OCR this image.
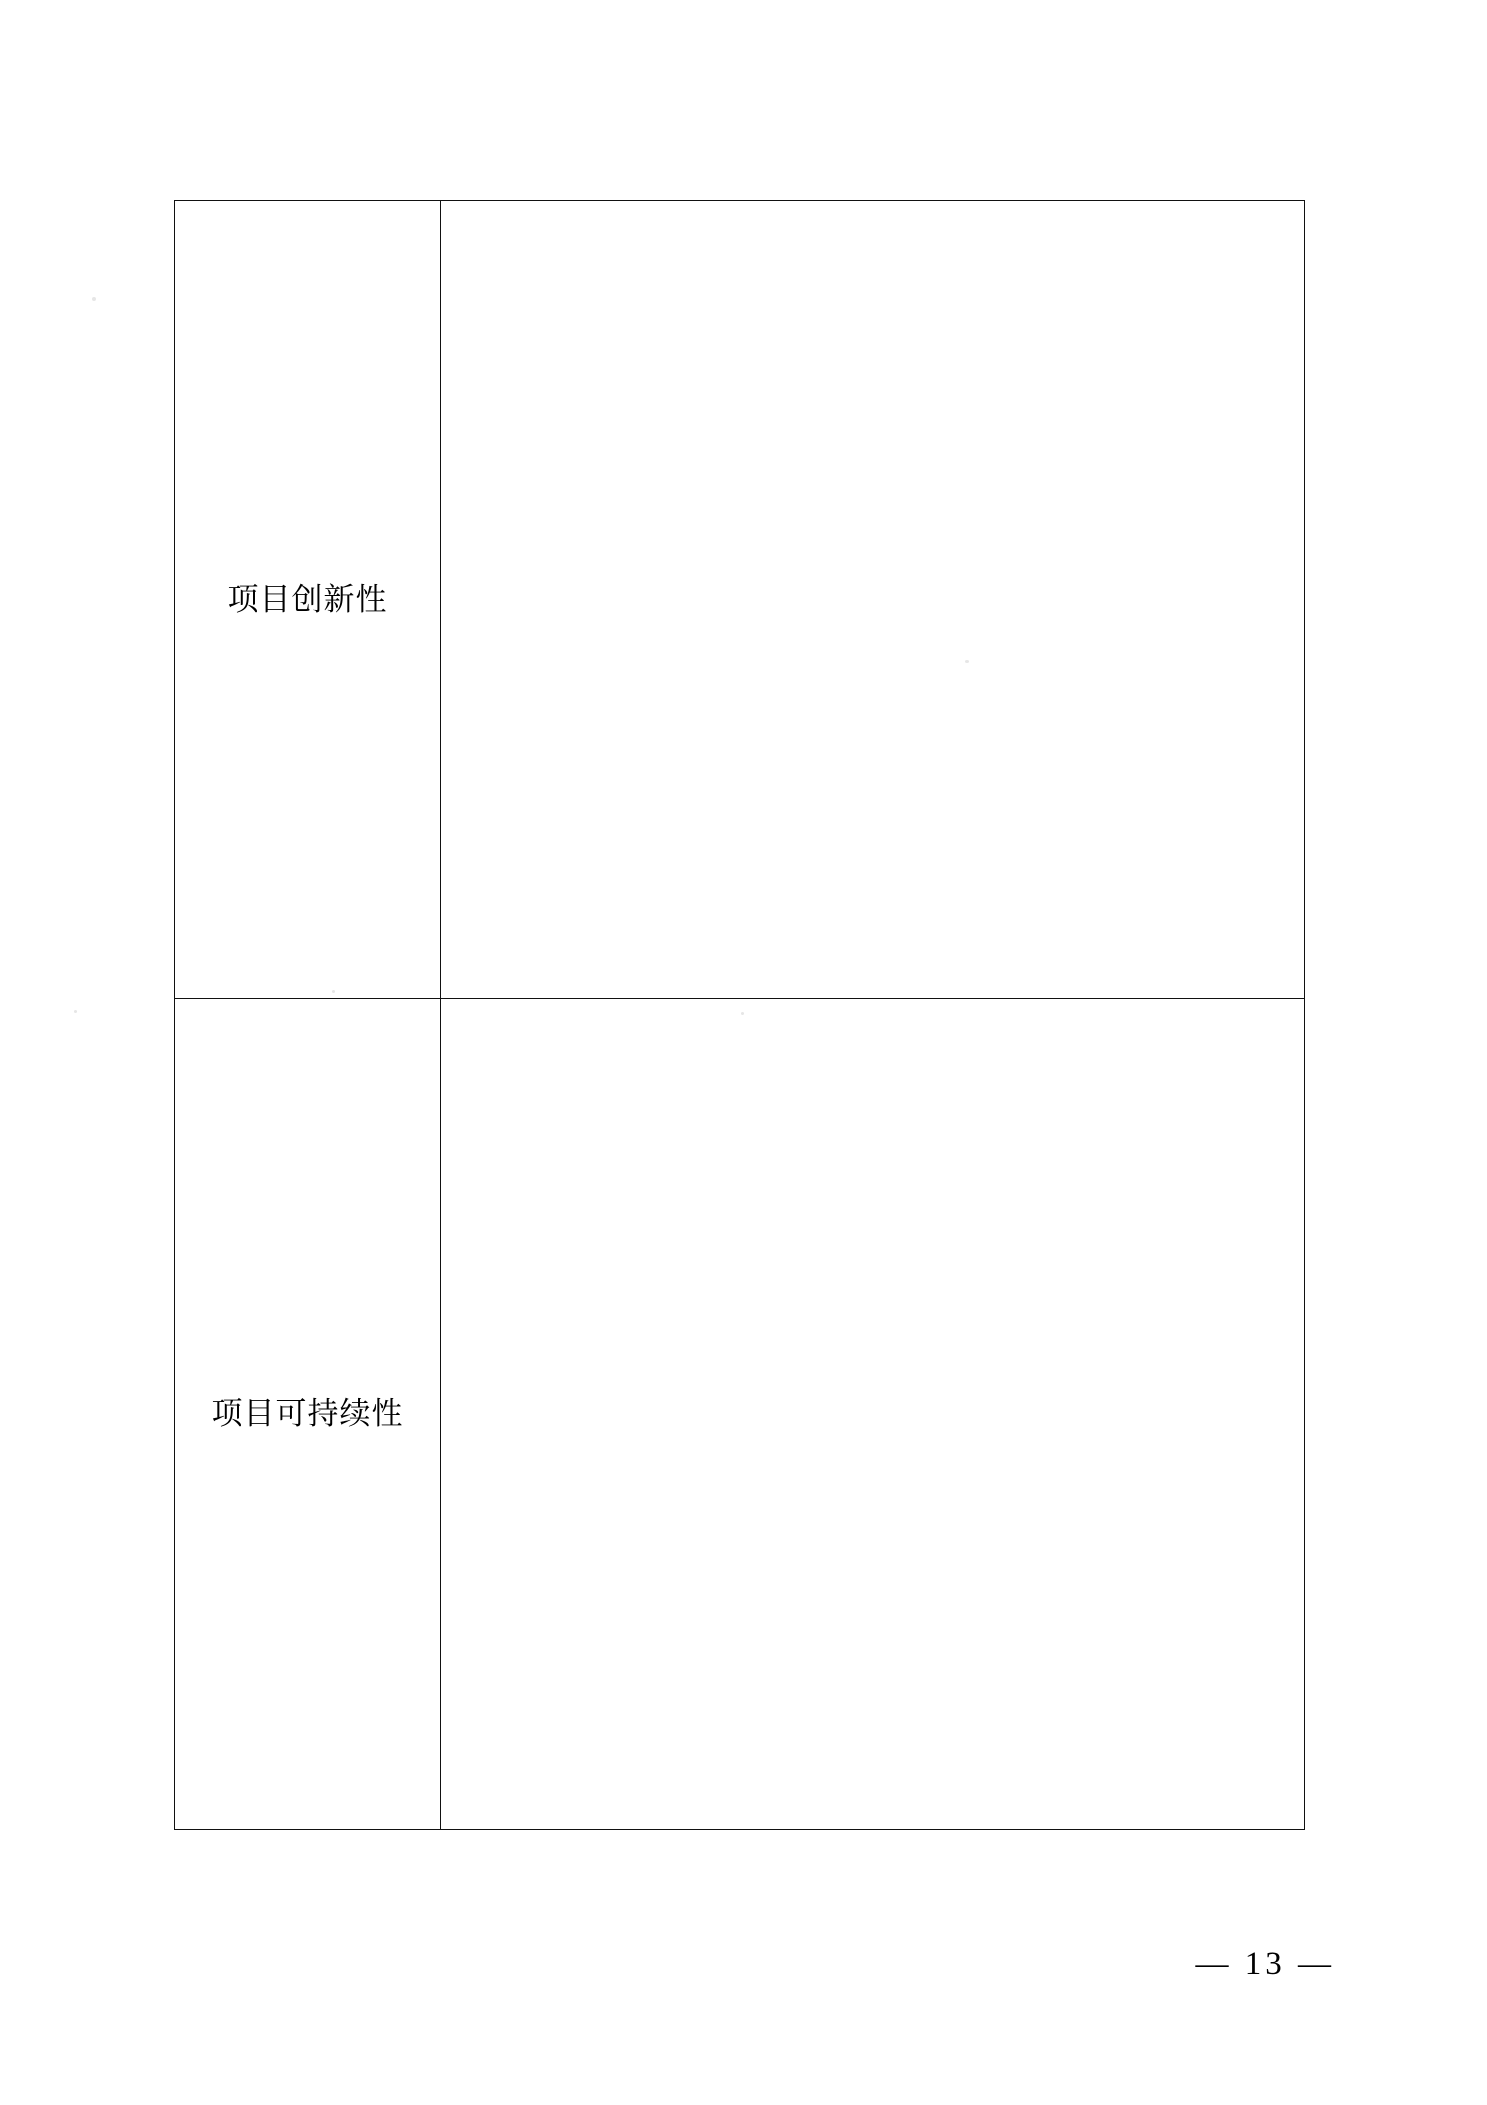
项目创新性	

项目可持续性	
— 13 —
